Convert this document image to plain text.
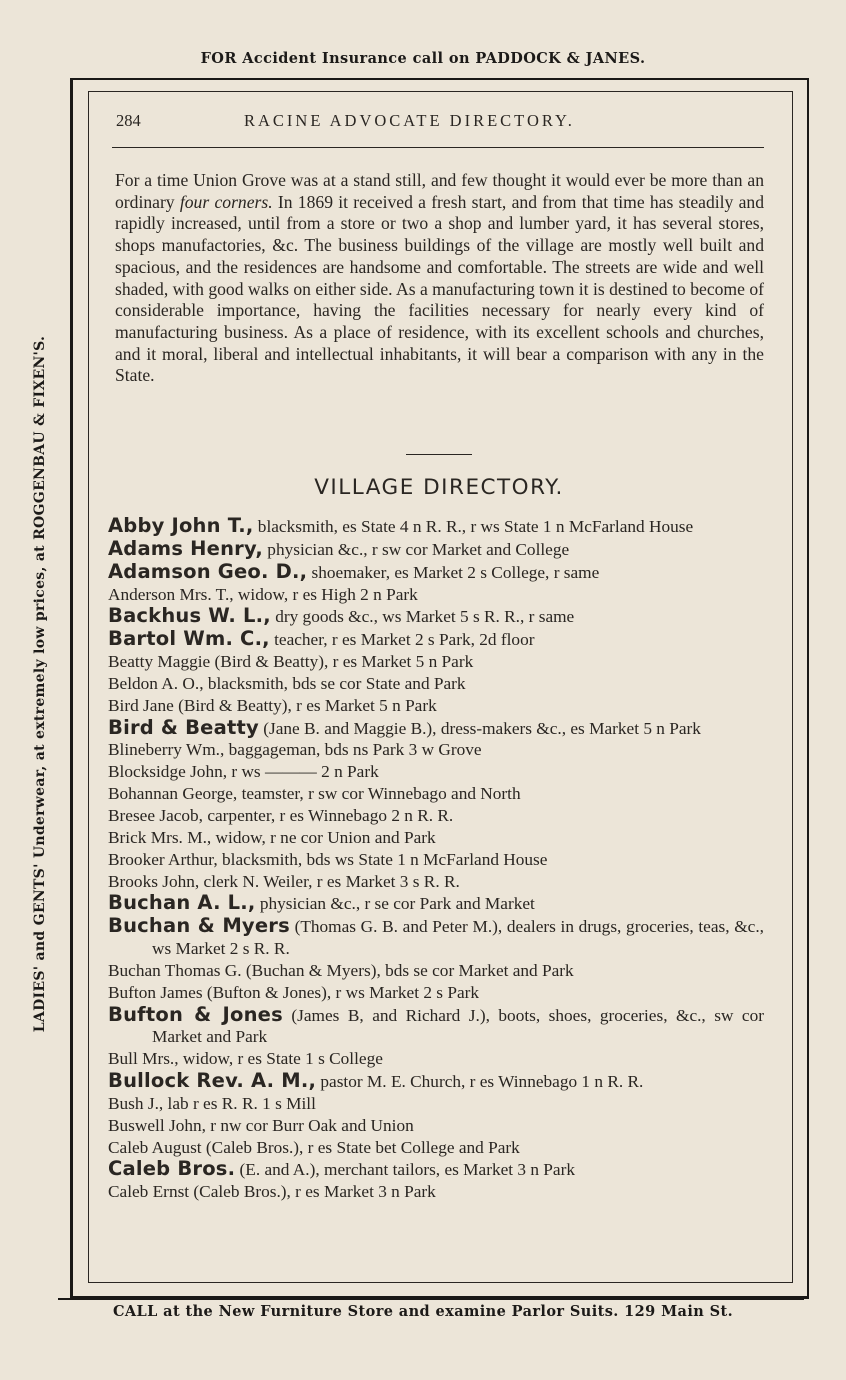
FOR Accident Insurance call on PADDOCK & JANES.
LADIES' and GENTS' Underwear, at extremely low prices, at ROGGENBAU & FIXEN'S.
284	RACINE ADVOCATE DIRECTORY.

For a time Union Grove was at a stand still, and few thought it would ever be more than an ordinary four corners. In 1869 it received a fresh start, and from that time has steadily and rapidly increased, until from a store or two a shop and lumber yard, it has several stores, shops manufactories, &c. The business buildings of the village are mostly well built and spacious, and the residences are handsome and comfortable. The streets are wide and well shaded, with good walks on either side. As a manufacturing town it is destined to become of considerable importance, having the facilities necessary for nearly every kind of manufacturing business. As a place of residence, with its excellent schools and churches, and it moral, liberal and intellectual inhabitants, it will bear a comparison with any in the State.

VILLAGE DIRECTORY.
Abby John T., blacksmith, es State 4 n R. R., r ws State 1 n McFarland House
Adams Henry, physician &c., r sw cor Market and College
Adamson Geo. D., shoemaker, es Market 2 s College, r same
Anderson Mrs. T., widow, r es High 2 n Park
Backhus W. L., dry goods &c., ws Market 5 s R. R., r same
Bartol Wm. C., teacher, r es Market 2 s Park, 2d floor
Beatty Maggie (Bird & Beatty), r es Market 5 n Park
Beldon A. O., blacksmith, bds se cor State and Park
Bird Jane (Bird & Beatty), r es Market 5 n Park
Bird & Beatty (Jane B. and Maggie B.), dress-makers &c., es Market 5 n Park
Blineberry Wm., baggageman, bds ns Park 3 w Grove
Blocksidge John, r ws ——— 2 n Park
Bohannan George, teamster, r sw cor Winnebago and North
Bresee Jacob, carpenter, r es Winnebago 2 n R. R.
Brick Mrs. M., widow, r ne cor Union and Park
Brooker Arthur, blacksmith, bds ws State 1 n McFarland House
Brooks John, clerk N. Weiler, r es Market 3 s R. R.
Buchan A. L., physician &c., r se cor Park and Market
Buchan & Myers (Thomas G. B. and Peter M.), dealers in drugs, groceries, teas, &c., ws Market 2 s R. R.
Buchan Thomas G. (Buchan & Myers), bds se cor Market and Park
Bufton James (Bufton & Jones), r ws Market 2 s Park
Bufton & Jones (James B, and Richard J.), boots, shoes, groceries, &c., sw cor Market and Park
Bull Mrs., widow, r es State 1 s College
Bullock Rev. A. M., pastor M. E. Church, r es Winnebago 1 n R. R.
Bush J., lab r es R. R. 1 s Mill
Buswell John, r nw cor Burr Oak and Union
Caleb August (Caleb Bros.), r es State bet College and Park
Caleb Bros. (E. and A.), merchant tailors, es Market 3 n Park
Caleb Ernst (Caleb Bros.), r es Market 3 n Park
CALL at the New Furniture Store and examine Parlor Suits. 129 Main St.
